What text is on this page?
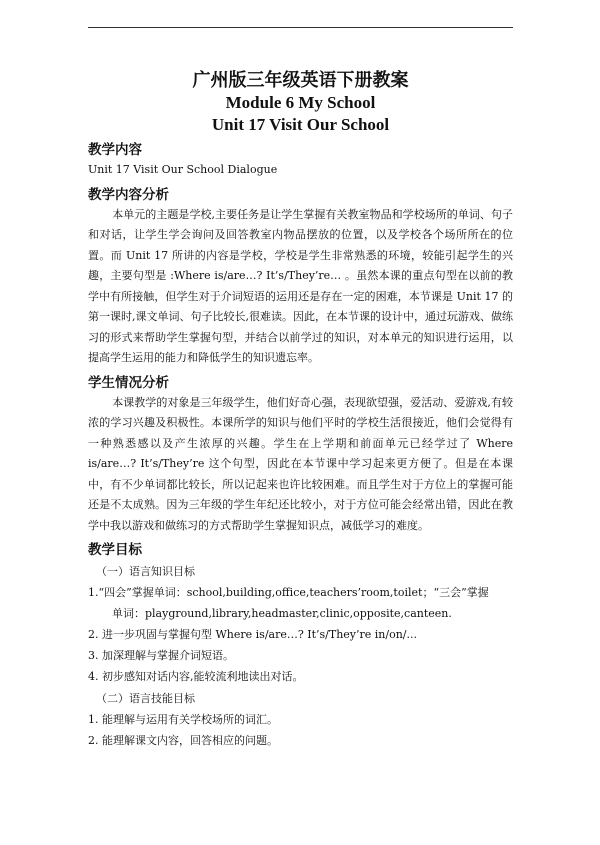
广州版三年级英语下册教案
Module 6 My School
Unit 17 Visit Our School
教学内容

Unit 17 Visit Our School Dialogue

教学内容分析

本单元的主题是学校,主要任务是让学生掌握有关教室物品和学校场所的单词、句子和对话，让学生学会询问及回答教室内物品摆放的位置，以及学校各个场所所在的位置。而 Unit 17 所讲的内容是学校，学校是学生非常熟悉的环境，较能引起学生的兴趣，主要句型是 :Where is/are…? It’s/They’re… 。虽然本课的重点句型在以前的教学中有所接触，但学生对于介词短语的运用还是存在一定的困难，本节课是 Unit 17 的第一课时,课文单词、句子比较长,很难读。因此，在本节课的设计中，通过玩游戏、做练习的形式来帮助学生掌握句型，并结合以前学过的知识，对本单元的知识进行运用，以提高学生运用的能力和降低学生的知识遗忘率。

学生情况分析

本课教学的对象是三年级学生，他们好奇心强，表现欲望强，爱活动、爱游戏,有较浓的学习兴趣及积极性。本课所学的知识与他们平时的学校生活很接近，他们会觉得有一种熟悉感以及产生浓厚的兴趣。学生在上学期和前面单元已经学过了 Where is/are…? It’s/They’re 这个句型，因此在本节课中学习起来更方便了。但是在本课中，有不少单词都比较长，所以记起来也许比较困难。而且学生对于方位上的掌握可能还是不太成熟。因为三年级的学生年纪还比较小，对于方位可能会经常出错，因此在教学中我以游戏和做练习的方式帮助学生掌握知识点，减低学习的难度。

教学目标
（一）语言知识目标

1.“四会”掌握单词：school,building,office,teachers’room,toilet；“三会”掌握

单词：playground,library,headmaster,clinic,opposite,canteen.

2. 进一步巩固与掌握句型 Where is/are…? It’s/They’re in/on/...

3. 加深理解与掌握介词短语。

4. 初步感知对话内容,能较流利地读出对话。

（二）语言技能目标

1. 能理解与运用有关学校场所的词汇。

2. 能理解课文内容，回答相应的问题。
